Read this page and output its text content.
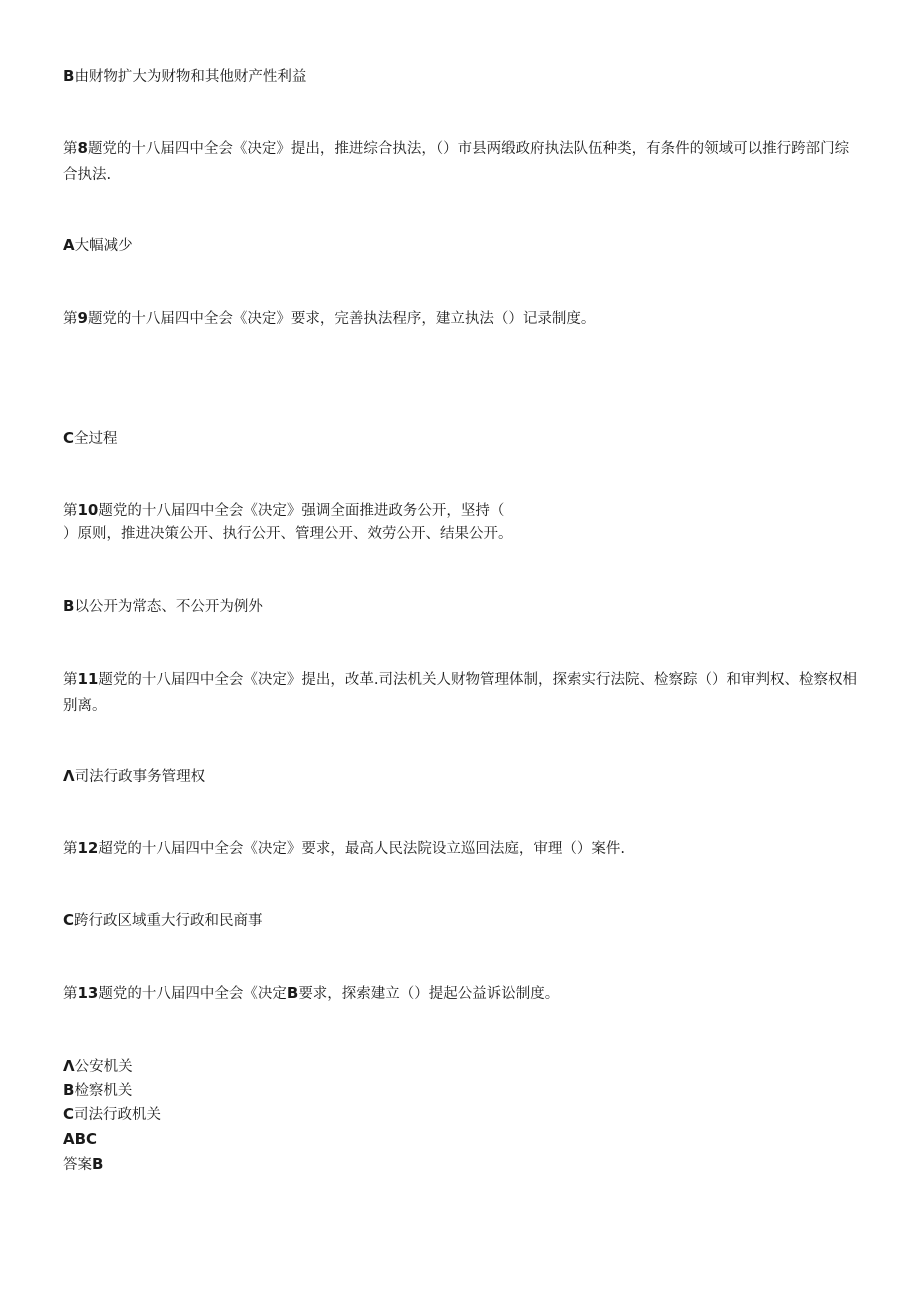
B由财物扩大为财物和其他财产性利益
第8题党的十八届四中全会《决定》提出，推进综合执法，（）市县两缎政府执法队伍种类，有条件的领域可以推行跨部门综合执法.
A大幅减少
第9题党的十八届四中全会《决定》要求，完善执法程序，建立执法（）记录制度。
C全过程
第10题党的十八届四中全会《决定》强调全面推进政务公开，坚持（
）原则，推进决策公开、执行公开、管理公开、效劳公开、结果公开。
B以公开为常态、不公开为例外
第11题党的十八届四中全会《决定》提出，改革.司法机关人财物管理体制，探索实行法院、检察踪（）和审判权、检察权相别离。
Λ司法行政事务管理权
第12超党的十八届四中全会《决定》要求，最高人民法院设立巡回法庭，审理（）案件.
C跨行政区域重大行政和民商事
第13题党的十八届四中全会《决定B要求，探索建立（）提起公益诉讼制度。
Λ公安机关
B检察机关
C司法行政机关
ABC
答案B
